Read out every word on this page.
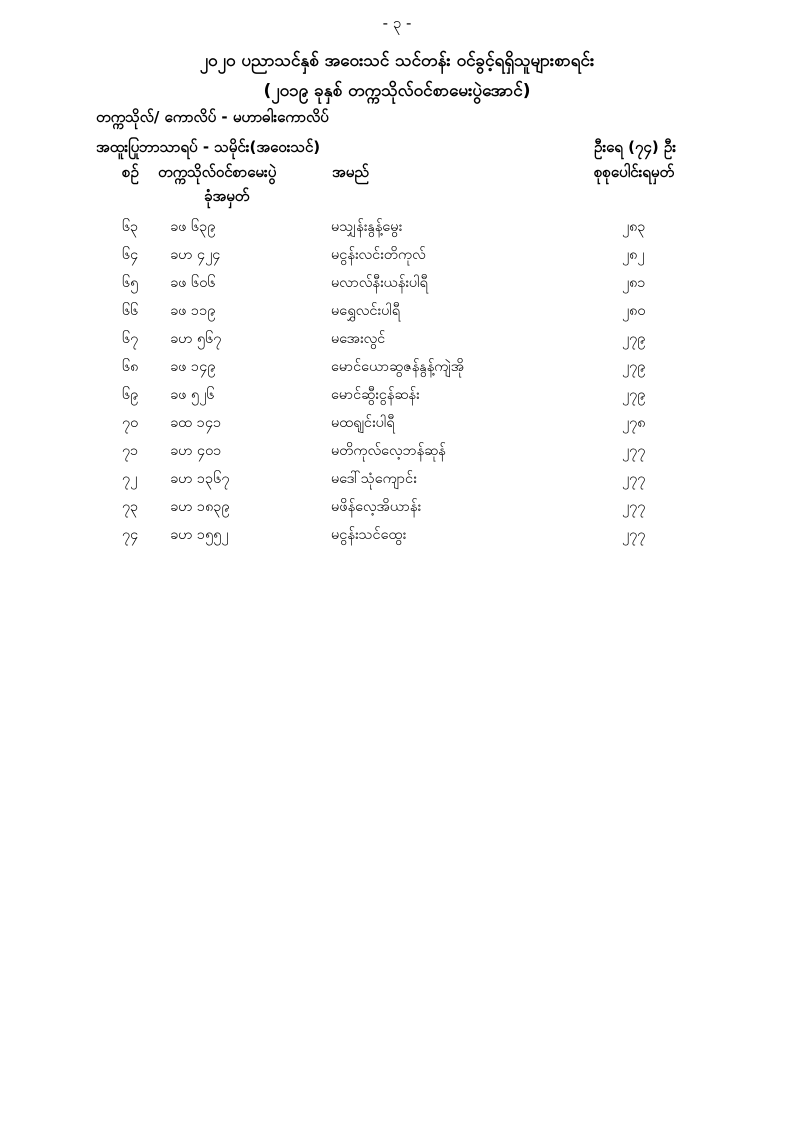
- ၃ -
၂၀၂၀ ပညာသင်နှစ် အဝေးသင် သင်တန်း ဝင်ခွင့်ရရှိသူများစာရင်း
(၂၀၁၉ ခုနှစ် တက္ကသိုလ်ဝင်စာမေးပွဲအောင်)
တက္ကသိုလ်/ ကောလိပ် - မဟာဓါးကောလိပ်
အထူးပြုဘာသာရပ် - သမိုင်း(အဝေးသင်)	ဦးရေ (၇၄) ဦး
စဉ် တက္ကသိုလ်ဝင်စာမေးပွဲ
ခုံအမှတ်
အမည်	စုစုပေါင်းရမှတ်
၆၃ ခဖ ၆၃၉	မသျှန်းနွန့်မွေး	၂၈၃
၆၄ ခဟ ၄၂၄	မငွန်းလင်းတိကုလ်	၂၈၂
၆၅ ခဖ ၆၀၆	မလာလ်နီးယန်းပါရီ	၂၈၁
၆၆ ခဖ ၁၁၉	မရွှေလင်းပါရီ	၂၈၀
၆၇ ခဟ ၅၆၇	မအေးလွင်	၂၇၉
၆၈ ခဖ ၁၄၉	မောင်ယောဆွဇန်နွန့်ကျဲအို	၂၇၉
၆၉ ခဖ ၅၂၆	မောင်ဆွီးငွန်ဆန်း	၂၇၉
၇၀ ခထ ၁၄၁	မထရျင်းပါရီ	၂၇၈
၇၁ ခဟ ၄၀၁	မတိကုလ်လေ့ဘန်ဆုန်	၂၇၇
၇၂ ခဟ ၁၃၆၇	မဒေါ်သုံကျောင်း	၂၇၇
၇၃ ခဟ ၁၈၃၉	မဖိန်လေ့အိယာန်း	၂၇၇
၇၄ ခဟ ၁၅၅၂	မငွန်းသင်ထွေး	၂၇၇
